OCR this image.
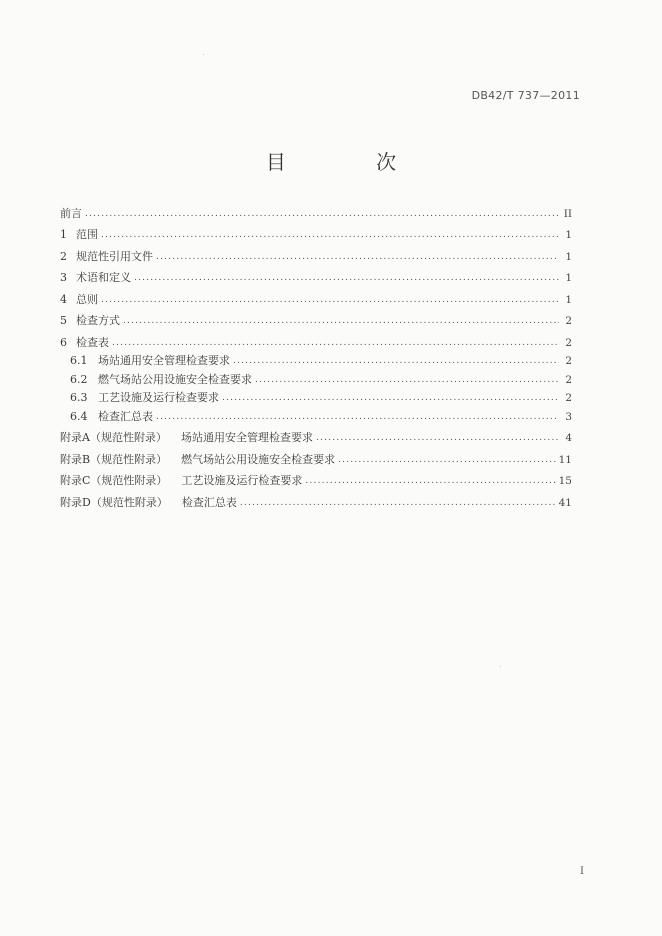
DB42/T 737—2011
目 次
前言 .....	II
1 范围 .....	1
2 规范性引用文件 .....	1
3 术语和定义 .....	1
4 总则 .....	1
5 检查方式 .....	2
6 检查表 .....	2
6.1 场站通用安全管理检查要求 .....	2
6.2 燃气场站公用设施安全检查要求 .....	2
6.3 工艺设施及运行检查要求 .....	2
6.4 检查汇总表 .....	3
附录A（规范性附录） 场站通用安全管理检查要求 .....	4
附录B（规范性附录） 燃气场站公用设施安全检查要求 .....	11
附录C（规范性附录） 工艺设施及运行检查要求 .....	15
附录D（规范性附录） 检查汇总表 .....	41
I
